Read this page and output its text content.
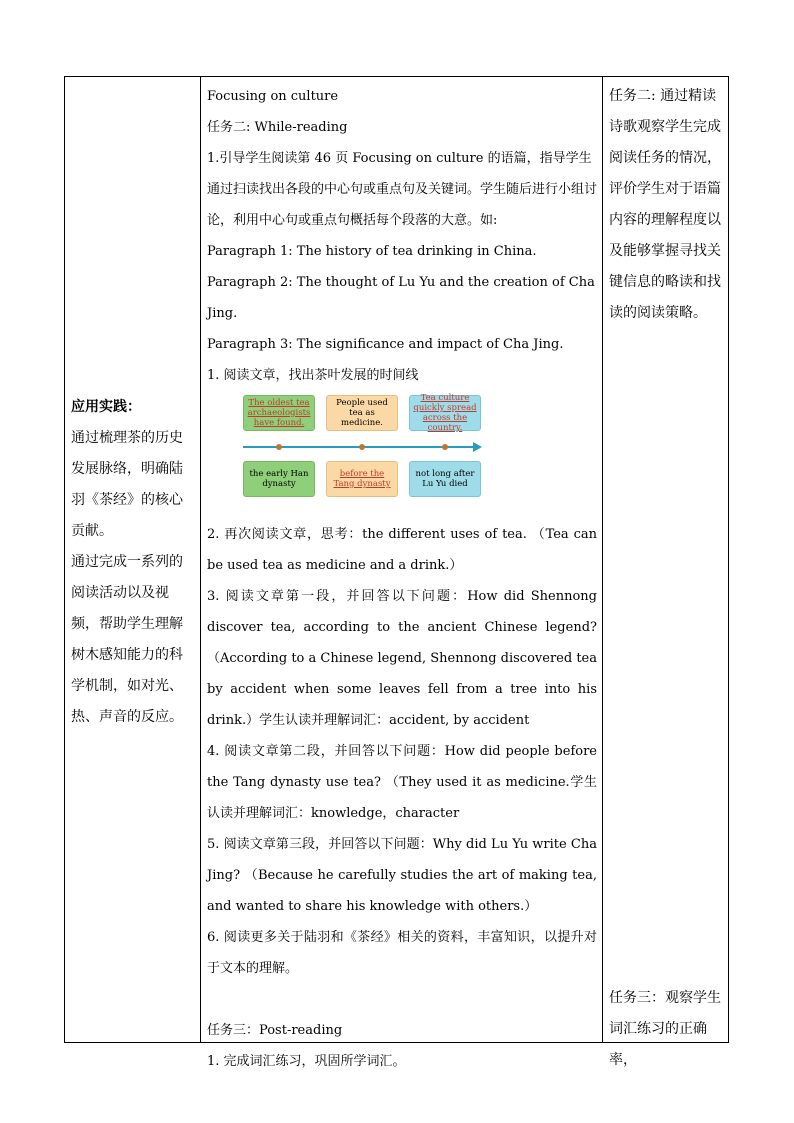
应用实践：
通过梳理茶的历史发展脉络，明确陆羽《茶经》的核心贡献。
通过完成一系列的阅读活动以及视频，帮助学生理解树木感知能力的科学机制，如对光、热、声音的反应。

Focusing on culture

任务二: While-reading

1.引导学生阅读第 46 页 Focusing on culture 的语篇，指导学生通过扫读找出各段的中心句或重点句及关键词。学生随后进行小组讨论，利用中心句或重点句概括每个段落的大意。如:

Paragraph 1: The history of tea drinking in China.

Paragraph 2: The thought of Lu Yu and the creation of Cha Jing.

Paragraph 3: The significance and impact of Cha Jing.

1. 阅读文章，找出茶叶发展的时间线

The oldest tea archaeologists have found.
People used tea as medicine.
Tea culture quickly spread across the country.
the early Han dynasty
before the Tang dynasty
not long after Lu Yu died

2. 再次阅读文章，思考：the different uses of tea. （Tea can be used tea as medicine and a drink.）

3. 阅读文章第一段，并回答以下问题：How did Shennong discover tea, according to the ancient Chinese legend? （According to a Chinese legend, Shennong discovered tea by accident when some leaves fell from a tree into his drink.）学生认读并理解词汇：accident, by accident

4. 阅读文章第二段，并回答以下问题：How did people before the Tang dynasty use tea? （They used it as medicine.学生认读并理解词汇：knowledge，character

5. 阅读文章第三段，并回答以下问题：Why did Lu Yu write Cha Jing? （Because he carefully studies the art of making tea, and wanted to share his knowledge with others.）

6. 阅读更多关于陆羽和《茶经》相关的资料，丰富知识，以提升对于文本的理解。

任务三：Post-reading

1. 完成词汇练习，巩固所学词汇。

任务二: 通过精读诗歌观察学生完成阅读任务的情况，评价学生对于语篇内容的理解程度以及能够掌握寻找关键信息的略读和找读的阅读策略。
任务三：观察学生词汇练习的正确率，
